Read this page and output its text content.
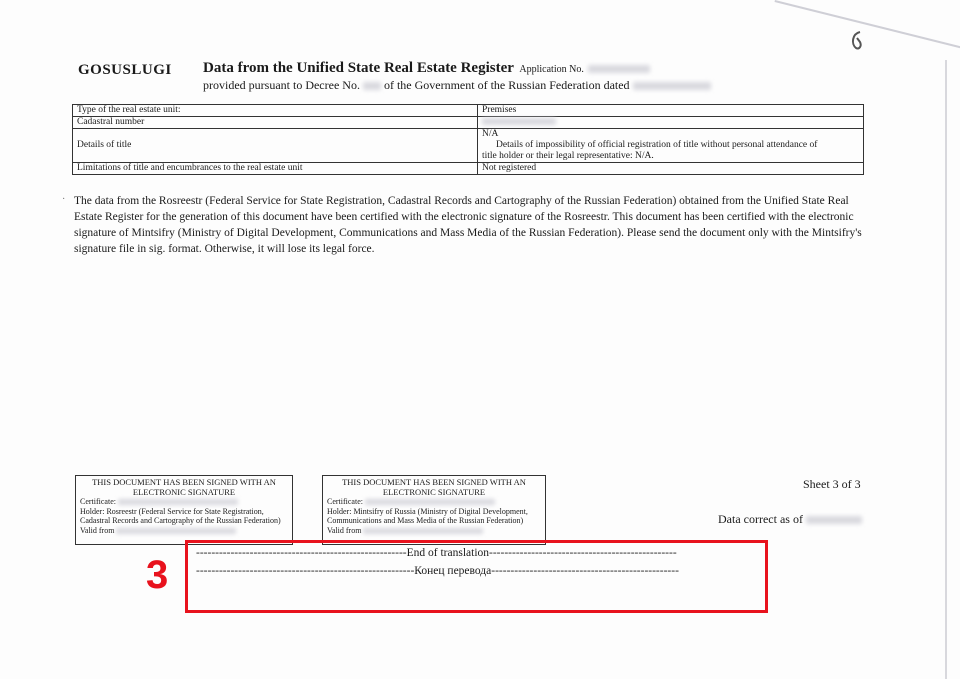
GOSUSLUGI Data from the Unified State Real Estate Register Application No.
provided pursuant to Decree No. of the Government of the Russian Federation dated
Type of the real estate unit:	Premises
Cadastral number	
Details of title	N/A
Details of impossibility of official registration of title without personal attendance of
title holder or their legal representative: N/A.

Limitations of title and encumbrances to the real estate unit	Not registered
· The data from the Rosreestr (Federal Service for State Registration, Cadastral Records and Cartography of the Russian Federation) obtained from the Unified State Real Estate Register for the generation of this document have been certified with the electronic signature of the Rosreestr. This document has been certified with the electronic signature of Mintsifry (Ministry of Digital Development, Communications and Mass Media of the Russian Federation). Please send the document only with the Mintsifry's signature file in sig. format. Otherwise, it will lose its legal force.
THIS DOCUMENT HAS BEEN SIGNED WITH AN
ELECTRONIC SIGNATURE
Certificate:
Holder: Rosreestr (Federal Service for State Registration, Cadastral Records and Cartography of the Russian Federation)
Valid from
THIS DOCUMENT HAS BEEN SIGNED WITH AN
ELECTRONIC SIGNATURE
Certificate:
Holder: Mintsifry of Russia (Ministry of Digital Development, Communications and Mass Media of the Russian Federation)
Valid from
Sheet 3 of 3
Data correct as of
3 -------------------------------------------------------End of translation-------------------------------------------------
---------------------------------------------------------Конец перевода-------------------------------------------------
